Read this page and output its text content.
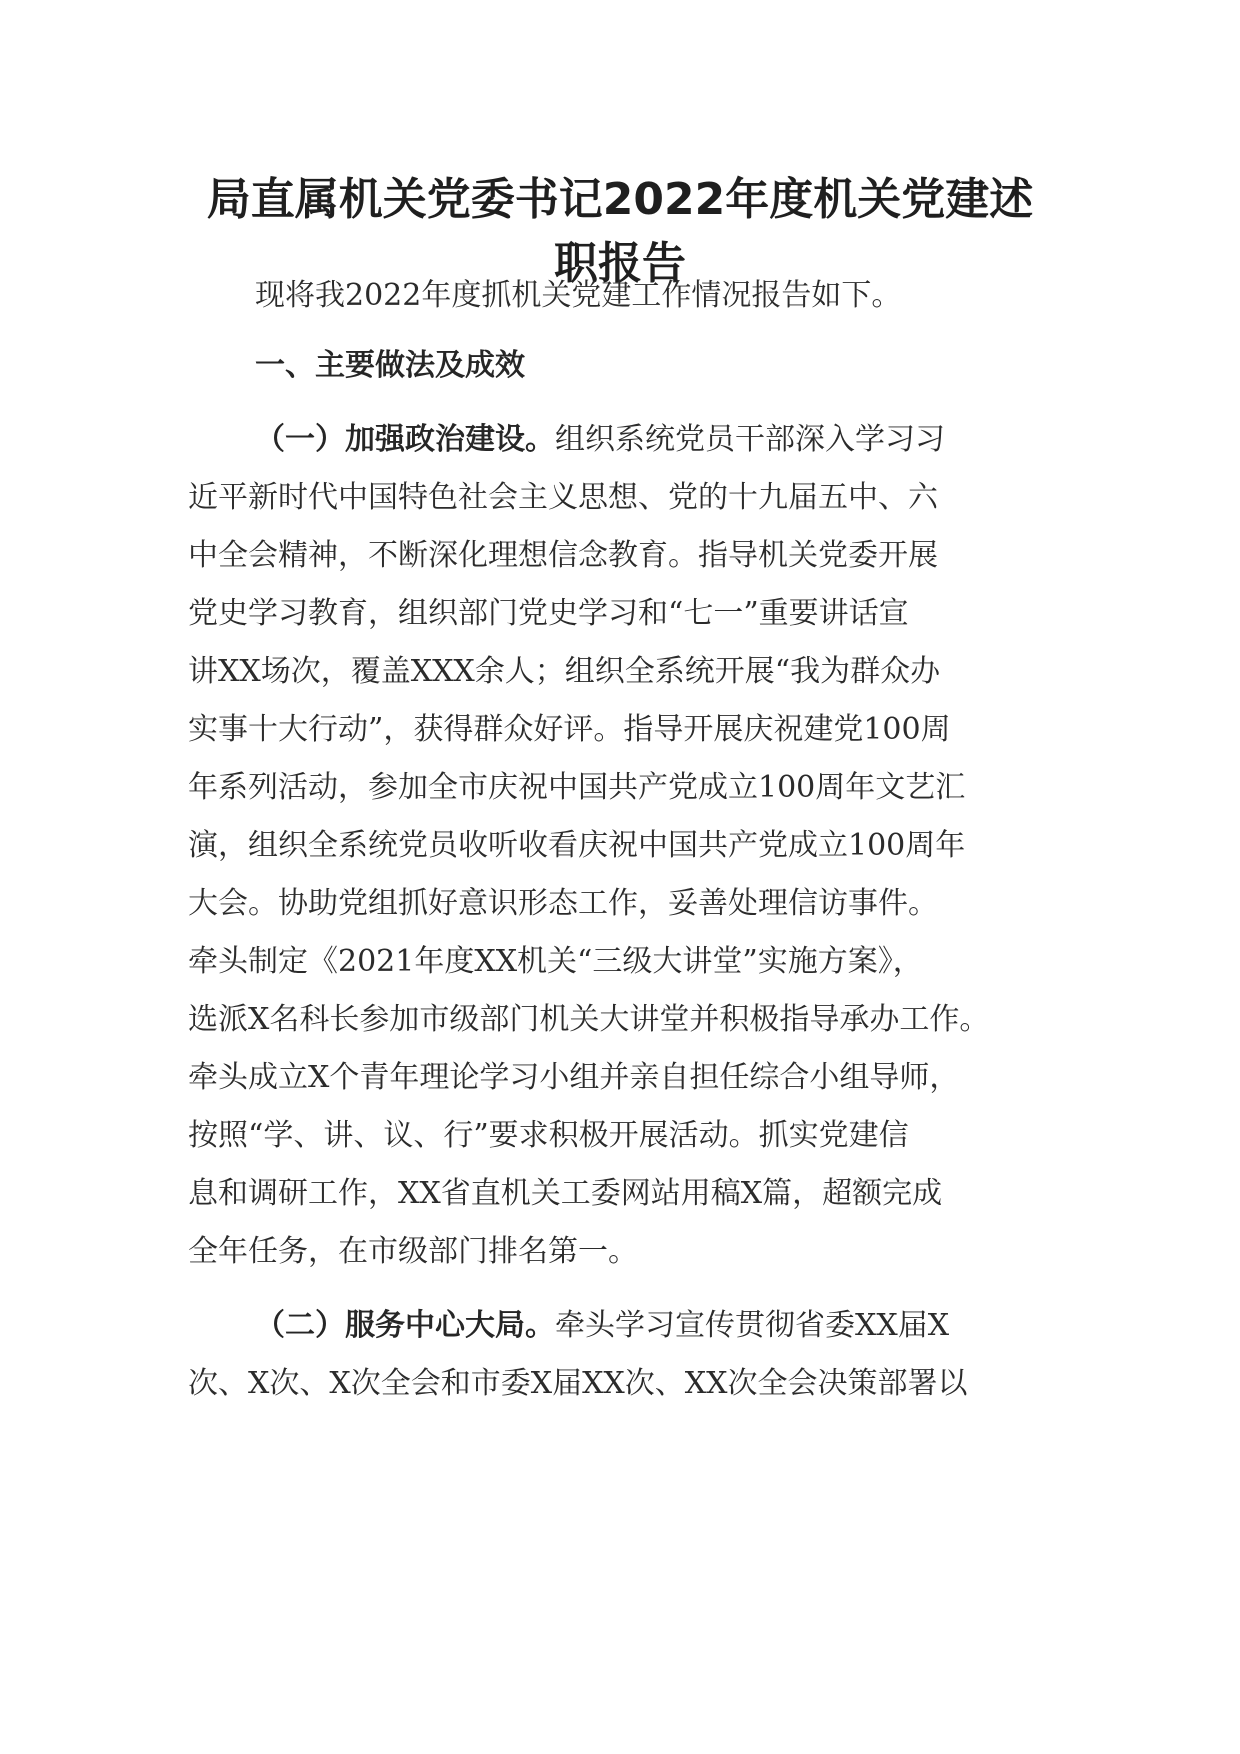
局直属机关党委书记2022年度机关党建述
职报告
现将我2022年度抓机关党建工作情况报告如下。
一、主要做法及成效
（一）加强政治建设。组织系统党员干部深入学习习
近平新时代中国特色社会主义思想、党的十九届五中、六
中全会精神，不断深化理想信念教育。指导机关党委开展
党史学习教育，组织部门党史学习和“七一”重要讲话宣
讲XX场次，覆盖XXX余人；组织全系统开展“我为群众办
实事十大行动”，获得群众好评。指导开展庆祝建党100周
年系列活动，参加全市庆祝中国共产党成立100周年文艺汇
演，组织全系统党员收听收看庆祝中国共产党成立100周年
大会。协助党组抓好意识形态工作，妥善处理信访事件。
牵头制定《2021年度XX机关“三级大讲堂”实施方案》，
选派X名科长参加市级部门机关大讲堂并积极指导承办工作。
牵头成立X个青年理论学习小组并亲自担任综合小组导师，
按照“学、讲、议、行”要求积极开展活动。抓实党建信
息和调研工作，XX省直机关工委网站用稿X篇，超额完成
全年任务，在市级部门排名第一。
（二）服务中心大局。牵头学习宣传贯彻省委XX届X
次、X次、X次全会和市委X届XX次、XX次全会决策部署以
